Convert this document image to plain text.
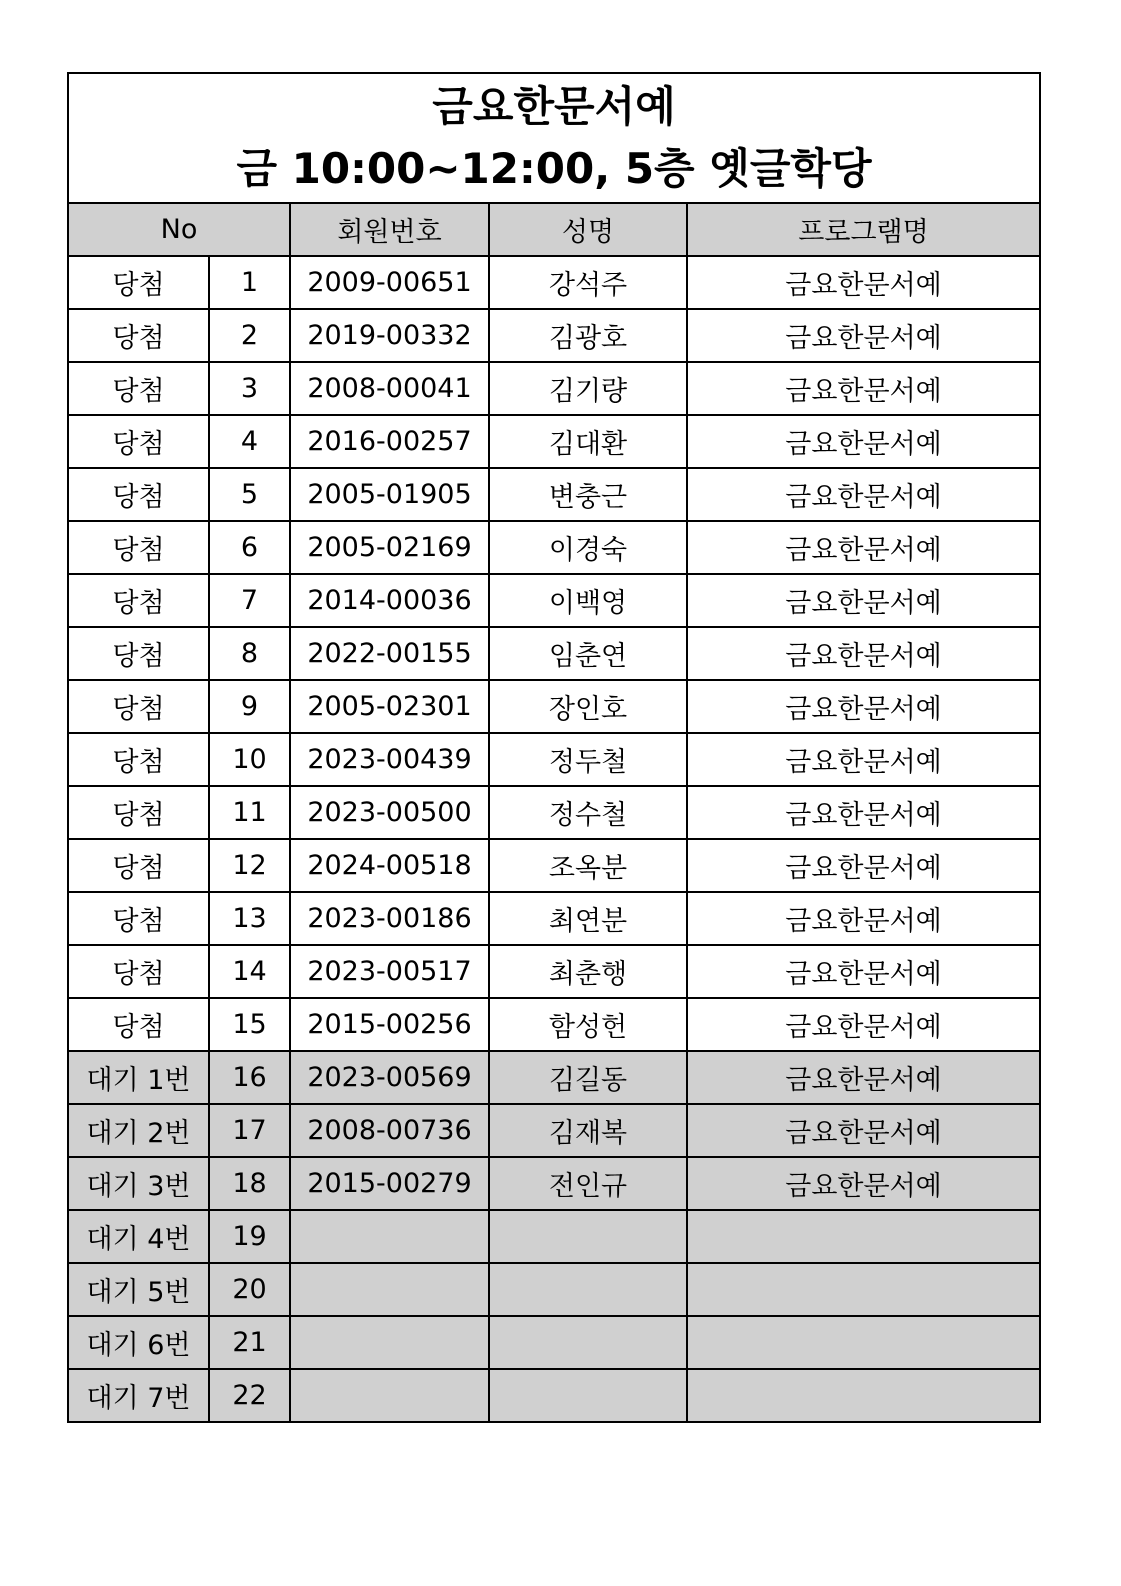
금요한문서예
금 10:00~12:00, 5층 옛글학당				

No		회원번호	성명	프로그램명
당첨	1	2009-00651	강석주	금요한문서예
당첨	2	2019-00332	김광호	금요한문서예
당첨	3	2008-00041	김기량	금요한문서예
당첨	4	2016-00257	김대환	금요한문서예
당첨	5	2005-01905	변충근	금요한문서예
당첨	6	2005-02169	이경숙	금요한문서예
당첨	7	2014-00036	이백영	금요한문서예
당첨	8	2022-00155	임춘연	금요한문서예
당첨	9	2005-02301	장인호	금요한문서예
당첨	10	2023-00439	정두철	금요한문서예
당첨	11	2023-00500	정수철	금요한문서예
당첨	12	2024-00518	조옥분	금요한문서예
당첨	13	2023-00186	최연분	금요한문서예
당첨	14	2023-00517	최춘행	금요한문서예
당첨	15	2015-00256	함성헌	금요한문서예
대기 1번	16	2023-00569	김길동	금요한문서예
대기 2번	17	2008-00736	김재복	금요한문서예
대기 3번	18	2015-00279	전인규	금요한문서예
대기 4번	19			
대기 5번	20			
대기 6번	21			
대기 7번	22			
